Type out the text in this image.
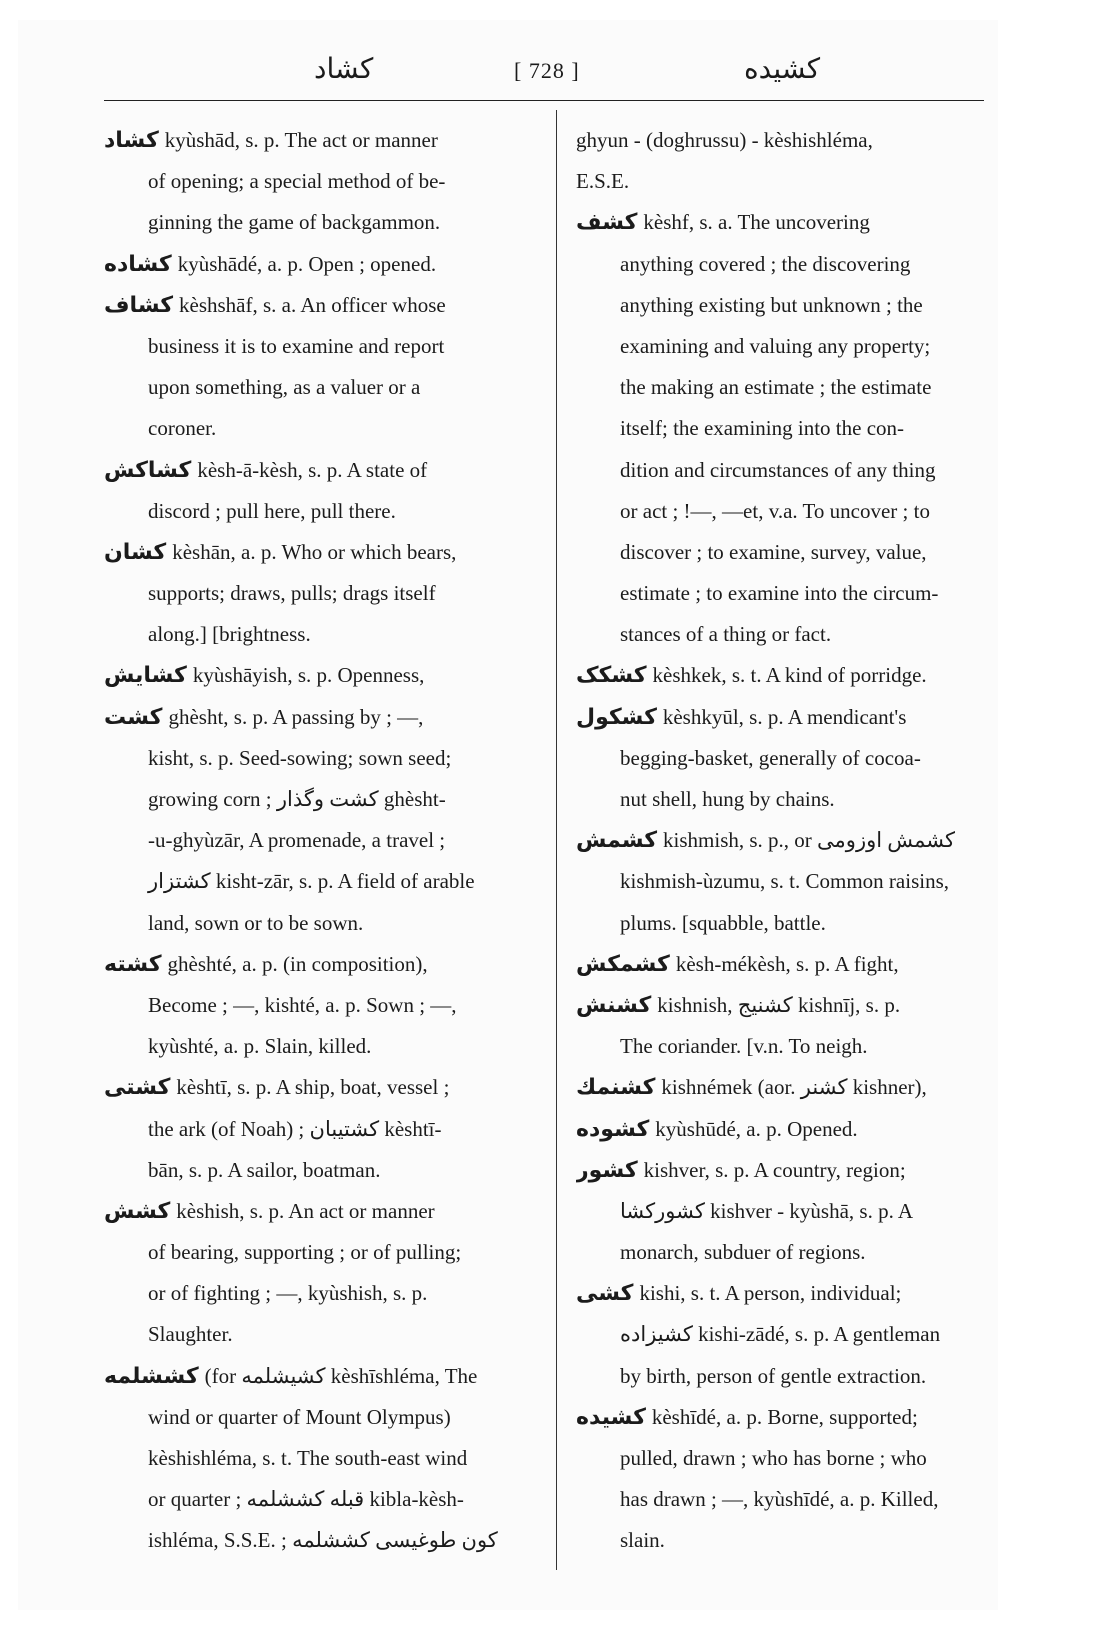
کشاد	[ 728 ]	کشیده
کشاد kyùshād, s. p. The act or manner
of opening; a special method of be-
ginning the game of backgammon.
کشاده kyùshādé, a. p. Open ; opened.
کشاف kèshshāf, s. a. An officer whose
business it is to examine and report
upon something, as a valuer or a
coroner.
کشاکش kèsh-ā-kèsh, s. p. A state of
discord ; pull here, pull there.
کشان kèshān, a. p. Who or which bears,
supports; draws, pulls; drags itself
along.] [brightness.
کشایش kyùshāyish, s. p. Openness,
کشت ghèsht, s. p. A passing by ; —,
kisht, s. p. Seed-sowing; sown seed;
growing corn ; کشت وگذار ghèsht-
-u-ghyùzār, A promenade, a travel ;
کشتزار kisht-zār, s. p. A field of arable
land, sown or to be sown.
کشته ghèshté, a. p. (in composition),
Become ; —, kishté, a. p. Sown ; —,
kyùshté, a. p. Slain, killed.
کشتی kèshtī, s. p. A ship, boat, vessel ;
the ark (of Noah) ; کشتیبان kèshtī-
bān, s. p. A sailor, boatman.
کشش kèshish, s. p. An act or manner
of bearing, supporting ; or of pulling;
or of fighting ; —, kyùshish, s. p.
Slaughter.
کششلمه (for کشیشلمه kèshīshléma, The
wind or quarter of Mount Olympus)
kèshishléma, s. t. The south-east wind
or quarter ; قبله کششلمه kibla-kèsh-
ishléma, S.S.E. ; کون طوغیسی کششلمه
ghyun - (doghrussu) - kèshishléma,
E.S.E.
کشف kèshf, s. a. The uncovering
anything covered ; the discovering
anything existing but unknown ; the
examining and valuing any property;
the making an estimate ; the estimate
itself; the examining into the con-
dition and circumstances of any thing
or act ; !—, —et, v.a. To uncover ; to
discover ; to examine, survey, value,
estimate ; to examine into the circum-
stances of a thing or fact.
کشکک kèshkek, s. t. A kind of porridge.
کشکول kèshkyūl, s. p. A mendicant's
begging-basket, generally of cocoa-
nut shell, hung by chains.
کشمش kishmish, s. p., or کشمش اوزومی
kishmish-ùzumu, s. t. Common raisins,
plums. [squabble, battle.
کشمکش kèsh-mékèsh, s. p. A fight,
کشنش kishnish, کشنیج kishnīj, s. p.
The coriander. [v.n. To neigh.
کشنمك kishnémek (aor. کشنر kishner),
کشوده kyùshūdé, a. p. Opened.
کشور kishver, s. p. A country, region;
کشورکشا kishver - kyùshā, s. p. A
monarch, subduer of regions.
کشی kishi, s. t. A person, individual;
کشیزاده kishi-zādé, s. p. A gentleman
by birth, person of gentle extraction.
کشیده kèshīdé, a. p. Borne, supported;
pulled, drawn ; who has borne ; who
has drawn ; —, kyùshīdé, a. p. Killed,
slain.
